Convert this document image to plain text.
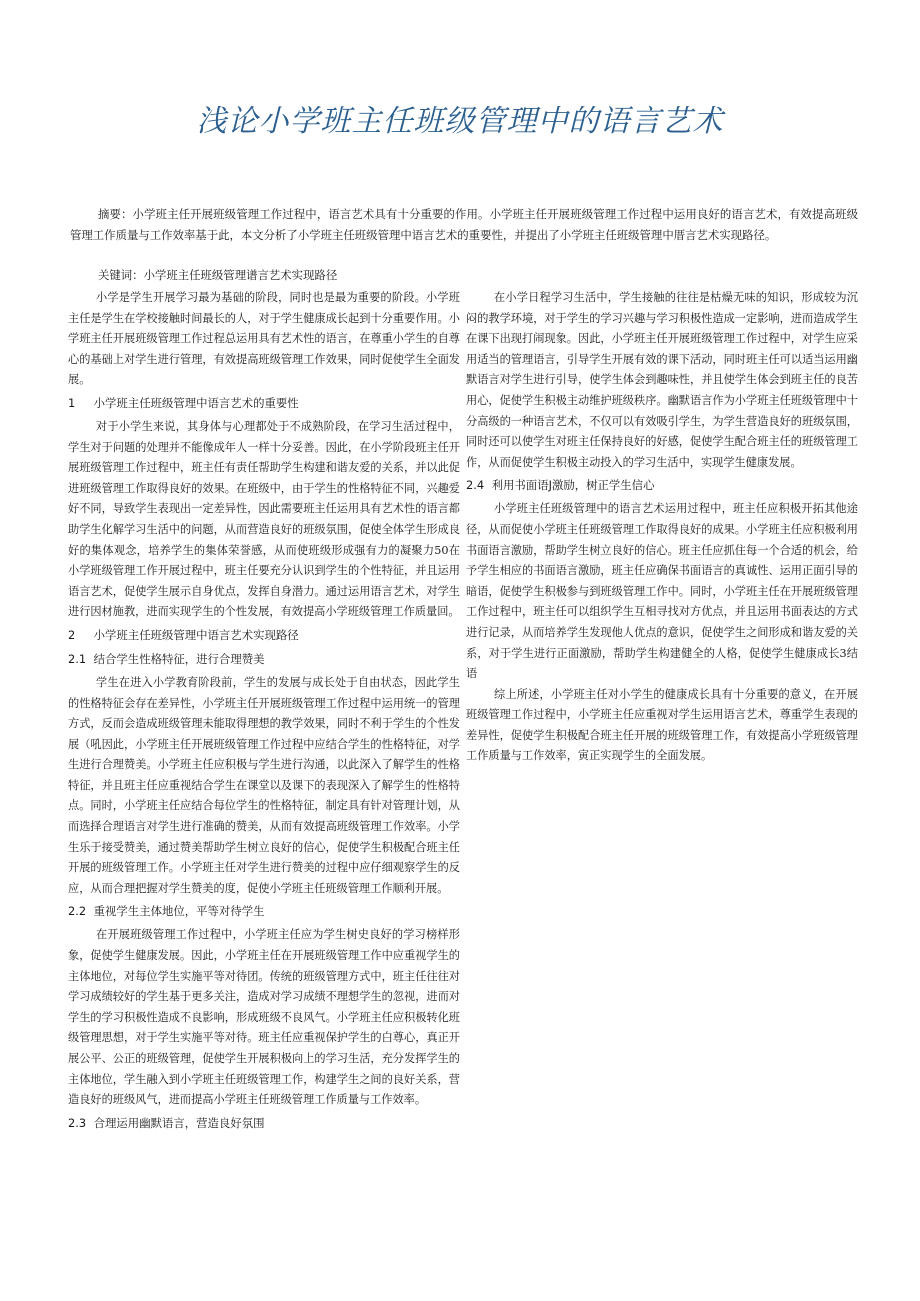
浅论小学班主任班级管理中的语言艺术
摘要：小学班主任开展班级管理工作过程中，语言艺术具有十分重要的作用。小学班主任开展班级管理工作过程中运用良好的语言艺术，有效提高班级管理工作质量与工作效率基于此，本文分析了小学班主任班级管理中语言艺术的重要性，并提出了小学班主任班级管理中厝言艺术实现路径。
关键词：小学班主任班级管理谱言艺术实现路径

小学是学生开展学习最为基础的阶段，同时也是最为重要的阶段。小学班主任是学生在学校接触时间最长的人，对于学生健康成长起到十分重要作用。小学班主任开展班级管理工作过程总运用具有艺术性的语言，在尊重小学生的自尊心的基础上对学生进行管理，有效提高班级管理工作效果，同时促使学生全面发展。

1 小学班主任班级管理中语言艺术的重要性

对于小学生来说，其身体与心理都处于不成熟阶段，在学习生活过程中，学生对于问题的处理并不能像成年人一样十分妥善。因此，在小学阶段班主任开展班级管理工作过程中，班主任有责任帮助学生构建和谐友爱的关系，并以此促进班级管理工作取得良好的效果。在班级中，由于学生的性格特征不同，兴趣爱好不同，导致学生表现出一定差异性，因此需要班主任运用具有艺术性的语言都助学生化解学习生活中的问题，从而营造良好的班级氛围，促使全体学生形成良好的集体观念，培养学生的集体荣誉感，从而使班级形成强有力的凝聚力50在小学班级管理工作开展过程中，班主任要充分认识到学生的个性特征，并且运用语言艺术，促使学生展示自身优点，发挥自身潜力。通过运用语言艺术，对学生进行因材施教，进而实现学生的个性发展，有效提高小学班级管理工作质量回。

2 小学班主任班级管理中语言艺术实现路径
2.1 结合学生性格特征，进行合理赞美

学生在进入小学教育阶段前，学生的发展与成长处于自由状态，因此学生的性格特征会存在差异性，小学班主任开展班级管理工作过程中运用统一的管理方式，反而会造成班级管理未能取得理想的教学效果，同时不利于学生的个性发展（吼因此，小学班主任开展班级管理工作过程中应结合学生的性格特征，对学生进行合理赞美。小学班主任应积极与学生进行沟通，以此深入了解学生的性格特征，并且班主任应重视结合学生在课堂以及课下的表现深入了解学生的性格特点。同时，小学班主任应结合每位学生的性格特征，制定具有针对管理计划，从而选择合理语言对学生进行准确的赞美，从而有效提高班级管理工作效率。小学生乐于接受赞美，通过赞美帮助学生树立良好的信心，促使学生积极配合班主任开展的班级管理工作。小学班主任对学生进行赞美的过程中应仔细观察学生的反应，从而合理把握对学生赞美的度，促使小学班主任班级管理工作顺利开展。

2.2 重视学生主体地位，平等对待学生

在开展班级管理工作过程中，小学班主任应为学生树史良好的学习榜样形象，促使学生健康发展。因此，小学班主任在开展班级管理工作中应重视学生的主体地位，对每位学生实施平等对待团。传统的班级管理方式中，班主任往往对学习成绩较好的学生基于更多关注，造成对学习成绩不理想学生的忽视，进而对学生的学习积极性造成不良影响，形成班级不良风气。小学班主任应积极转化班级管理思想，对于学生实施平等对待。班主任应重视保护学生的白尊心，真正开展公平、公正的班级管理，促使学生开展积极向上的学习生活，充分发挥学生的主体地位，学生融入到小学班主任班级管理工作，构建学生之间的良好关系，营造良好的班级风气，进而提高小学班主任班级管理工作质量与工作效率。

2.3 合理运用幽默语言，营造良好氛围

在小学日程学习生活中，学生接触的往往是枯燥无味的知识，形成较为沉闷的教学环境，对于学生的学习兴趣与学习积极性造成一定影响，进而造成学生在课下出现打闹现象。因此，小学班主任开展班级管理工作过程中，对学生应采用适当的管理语言，引导学生开展有效的课下活动，同时班主任可以适当运用幽默语言对学生进行引导，使学生体会到趣味性，并且使学生体会到班主任的良苦用心，促使学生积极主动维护班级秩序。幽默语言作为小学班主任班级管理中十分高级的一种语言艺术，不仅可以有效吸引学生，为学生营造良好的班级氛围，同时还可以使学生对班主任保持良好的好感，促使学生配合班主任的班级管理工作，从而促使学生积极主动投入的学习生活中，实现学生健康发展。

2.4 利用书面语J激励，树正学生信心

小学班主任班级管理中的语言艺术运用过程中，班主任应积极开拓其他途径，从而促使小学班主任班级管理工作取得良好的成果。小学班主任应积极利用书面语言激励，帮助学生树立良好的信心。班主任应抓住每一个合适的机会，给予学生相应的书面语言激励，班主任应确保书面语言的真诚性、运用正面引导的暗语，促使学生积极参与到班级管理工作中。同时，小学班主任在开展班级管理工作过程中，班主任可以组织学生互相寻找对方优点，并且运用书面表达的方式进行记录，从而培养学生发现他人优点的意识，促使学生之间形成和谐友爱的关系，对于学生进行正面激励，帮助学生构建健全的人格，促使学生健康成长3结语

综上所述，小学班主任对小学生的健康成长具有十分重要的意义，在开展班级管理工作过程中，小学班主任应重视对学生运用语言艺术，尊重学生表现的差异性，促使学生积极配合班主任开展的班级管理工作，有效提高小学班级管理工作质量与工作效率，寅正实现学生的全面发展。
